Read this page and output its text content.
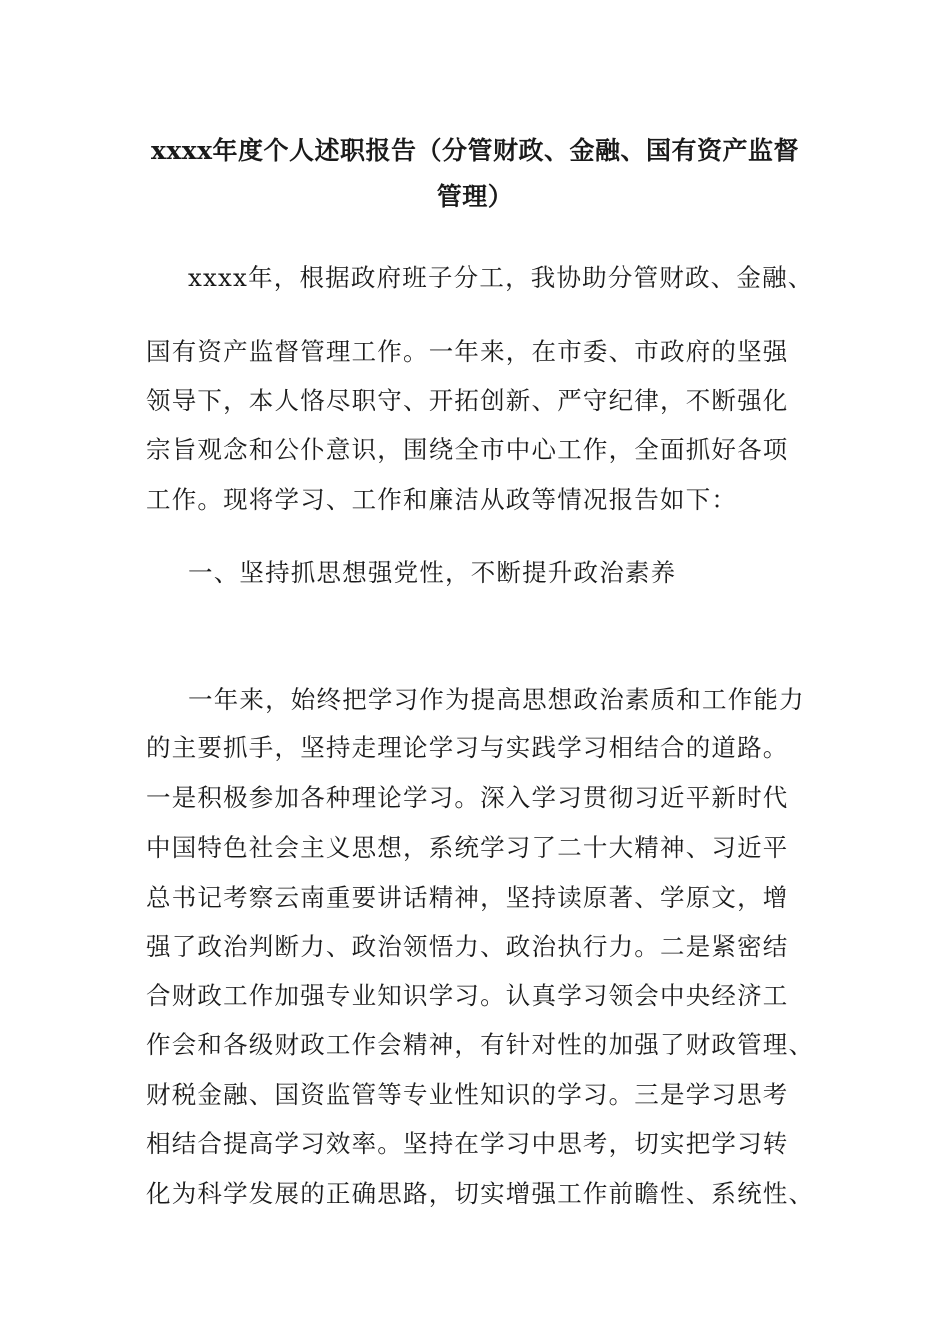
xxxx年度个人述职报告（分管财政、金融、国有资产监督
管理）
xxxx年，根据政府班子分工，我协助分管财政、金融、
国有资产监督管理工作。一年来，在市委、市政府的坚强
领导下，本人恪尽职守、开拓创新、严守纪律，不断强化
宗旨观念和公仆意识，围绕全市中心工作，全面抓好各项
工作。现将学习、工作和廉洁从政等情况报告如下：
一、坚持抓思想强党性，不断提升政治素养
一年来，始终把学习作为提高思想政治素质和工作能力
的主要抓手，坚持走理论学习与实践学习相结合的道路。
一是积极参加各种理论学习。深入学习贯彻习近平新时代
中国特色社会主义思想，系统学习了二十大精神、习近平
总书记考察云南重要讲话精神，坚持读原著、学原文，增
强了政治判断力、政治领悟力、政治执行力。二是紧密结
合财政工作加强专业知识学习。认真学习领会中央经济工
作会和各级财政工作会精神，有针对性的加强了财政管理、
财税金融、国资监管等专业性知识的学习。三是学习思考
相结合提高学习效率。坚持在学习中思考，切实把学习转
化为科学发展的正确思路，切实增强工作前瞻性、系统性、
